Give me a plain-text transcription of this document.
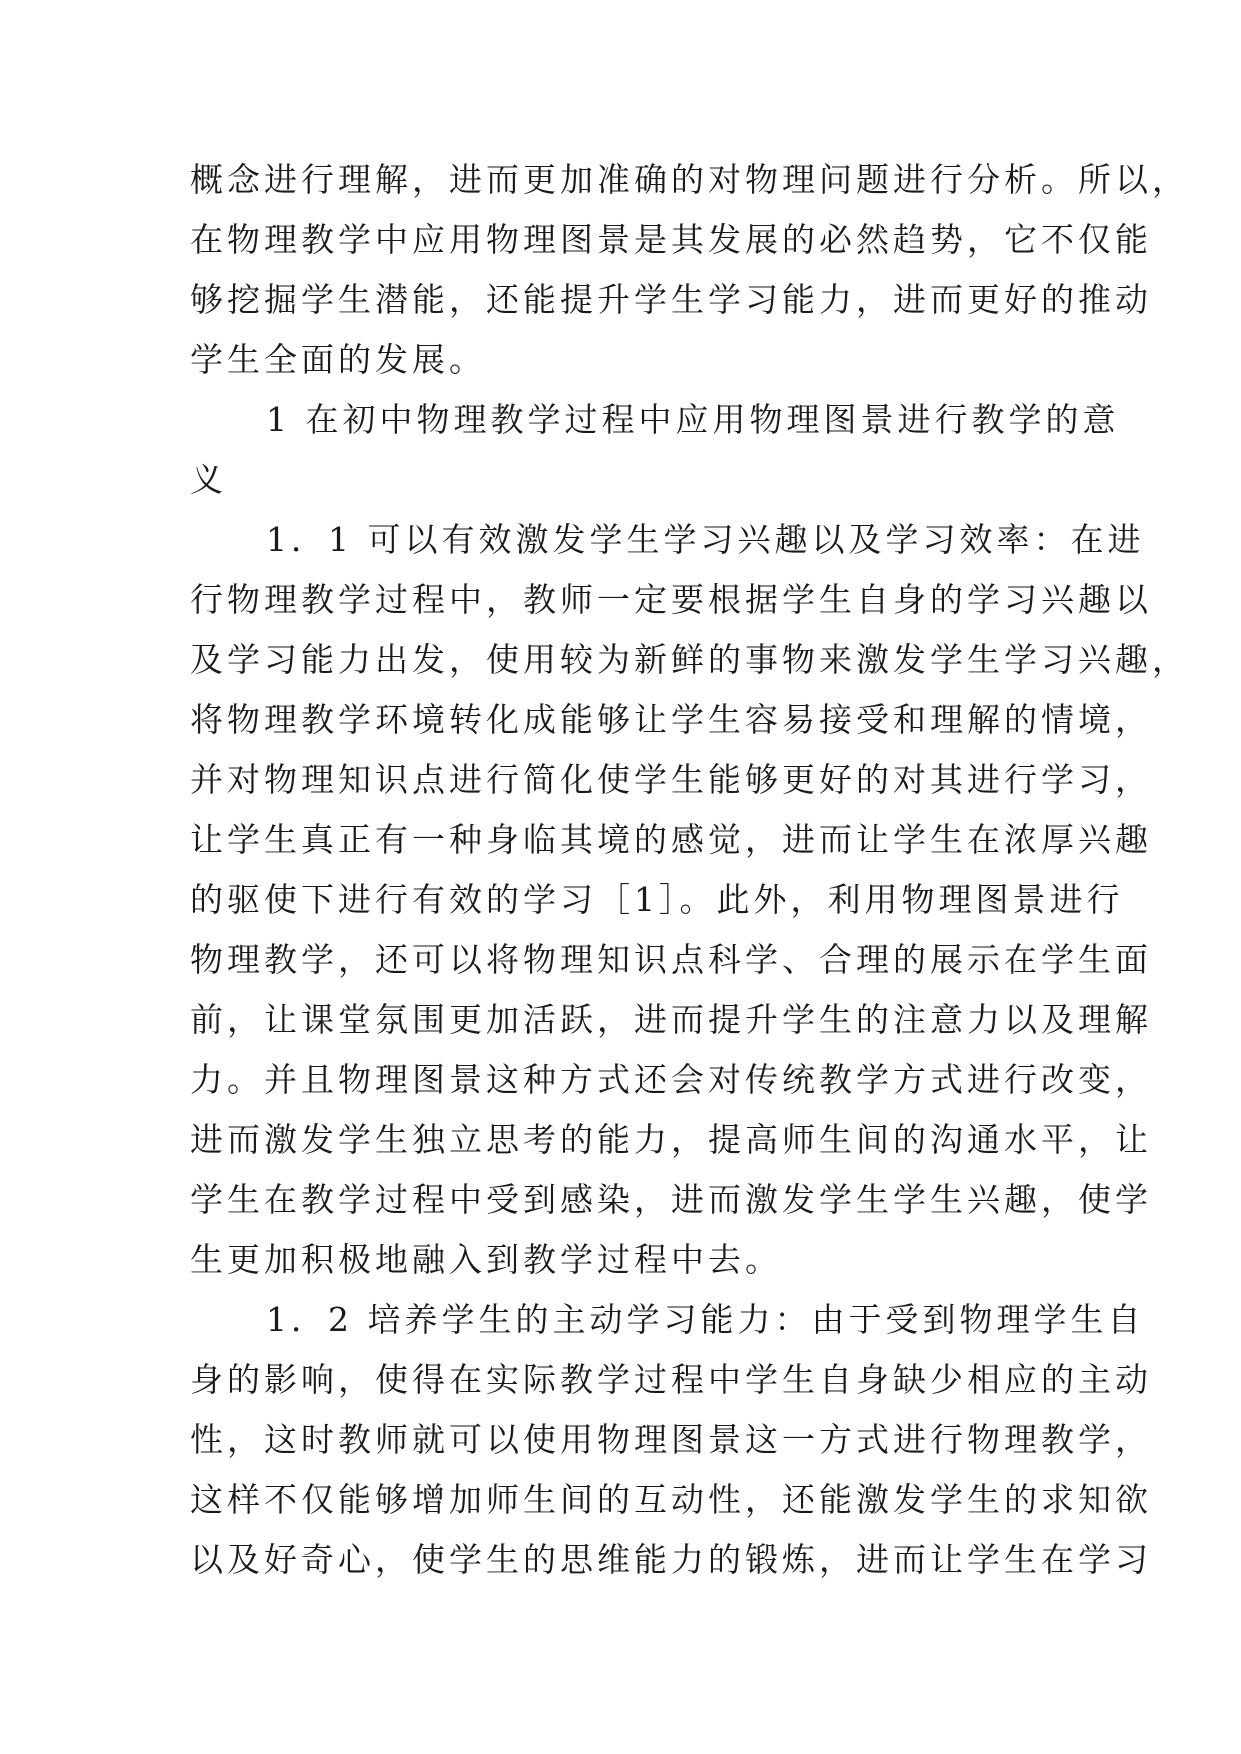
概念进行理解，进而更加准确的对物理问题进行分析。所以，
在物理教学中应用物理图景是其发展的必然趋势，它不仅能
够挖掘学生潜能，还能提升学生学习能力，进而更好的推动
学生全面的发展。
1 在初中物理教学过程中应用物理图景进行教学的意
义
1．1 可以有效激发学生学习兴趣以及学习效率：在进
行物理教学过程中，教师一定要根据学生自身的学习兴趣以
及学习能力出发，使用较为新鲜的事物来激发学生学习兴趣，
将物理教学环境转化成能够让学生容易接受和理解的情境，
并对物理知识点进行简化使学生能够更好的对其进行学习，
让学生真正有一种身临其境的感觉，进而让学生在浓厚兴趣
的驱使下进行有效的学习［1］。此外，利用物理图景进行
物理教学，还可以将物理知识点科学、合理的展示在学生面
前，让课堂氛围更加活跃，进而提升学生的注意力以及理解
力。并且物理图景这种方式还会对传统教学方式进行改变，
进而激发学生独立思考的能力，提高师生间的沟通水平，让
学生在教学过程中受到感染，进而激发学生学生兴趣，使学
生更加积极地融入到教学过程中去。
1．2 培养学生的主动学习能力：由于受到物理学生自
身的影响，使得在实际教学过程中学生自身缺少相应的主动
性，这时教师就可以使用物理图景这一方式进行物理教学，
这样不仅能够增加师生间的互动性，还能激发学生的求知欲
以及好奇心，使学生的思维能力的锻炼，进而让学生在学习
